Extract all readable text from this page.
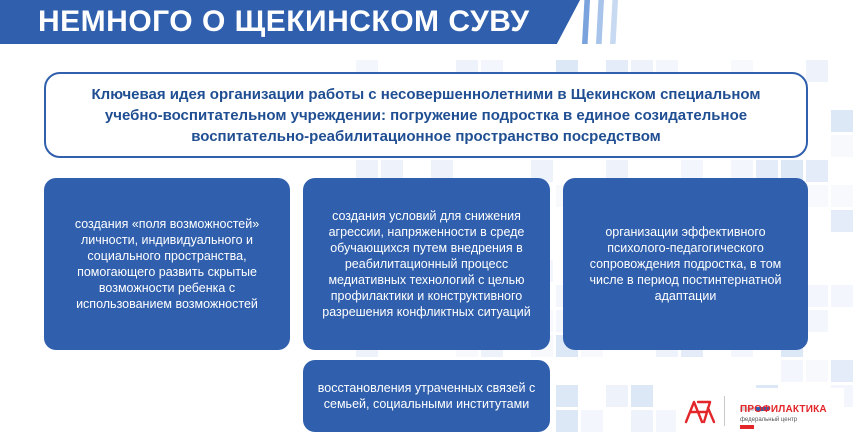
НЕМНОГО О ЩЕКИНСКОМ СУВУ
Ключевая идея организации работы с несовершеннолетними в Щекинском специальном учебно-воспитательном учреждении: погружение подростка в единое созидательное воспитательно-реабилитационное пространство посредством
создания «поля возможностей» личности, индивидуального и социального пространства, помогающего развить скрытые возможности ребенка с использованием возможностей
создания условий для снижения агрессии, напряженности в среде обучающихся путем внедрения в реабилитационный процесс медиативных технологий с целью профилактики и конструктивного разрешения конфликтных ситуаций
организации эффективного психолого-педагогического сопровождения подростка, в том числе в период постинтернатной адаптации
восстановления утраченных связей с семьей, социальными институтами	ПРОФИЛАКТИКА
федеральный центр
